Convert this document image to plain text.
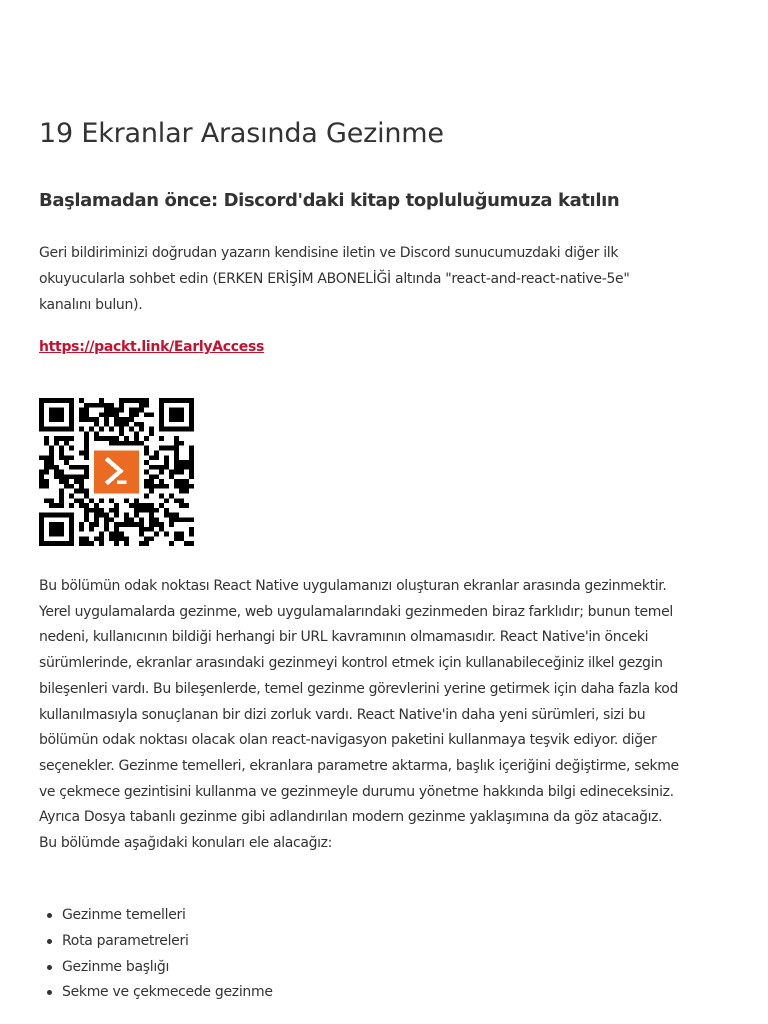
19 Ekranlar Arasında Gezinme
Başlamadan önce: Discord'daki kitap topluluğumuza katılın

Geri bildiriminizi doğrudan yazarın kendisine iletin ve Discord sunucumuzdaki diğer ilk okuyucularla sohbet edin (ERKEN ERİŞİM ABONELİĞİ altında "react-and-react-native-5e" kanalını bulun).

https://packt.link/EarlyAccess

Bu bölümün odak noktası React Native uygulamanızı oluşturan ekranlar arasında gezinmektir. Yerel uygulamalarda gezinme, web uygulamalarındaki gezinmeden biraz farklıdır; bunun temel nedeni, kullanıcının bildiği herhangi bir URL kavramının olmamasıdır. React Native'in önceki sürümlerinde, ekranlar arasındaki gezinmeyi kontrol etmek için kullanabileceğiniz ilkel gezgin bileşenleri vardı. Bu bileşenlerde, temel gezinme görevlerini yerine getirmek için daha fazla kod kullanılmasıyla sonuçlanan bir dizi zorluk vardı. React Native'in daha yeni sürümleri, sizi bu bölümün odak noktası olacak olan react-navigasyon paketini kullanmaya teşvik ediyor. diğer seçenekler. Gezinme temelleri, ekranlara parametre aktarma, başlık içeriğini değiştirme, sekme ve çekmece gezintisini kullanma ve gezinmeyle durumu yönetme hakkında bilgi edineceksiniz. Ayrıca Dosya tabanlı gezinme gibi adlandırılan modern gezinme yaklaşımına da göz atacağız. Bu bölümde aşağıdaki konuları ele alacağız:

Gezinme temelleri
Rota parametreleri
Gezinme başlığı
Sekme ve çekmecede gezinme
